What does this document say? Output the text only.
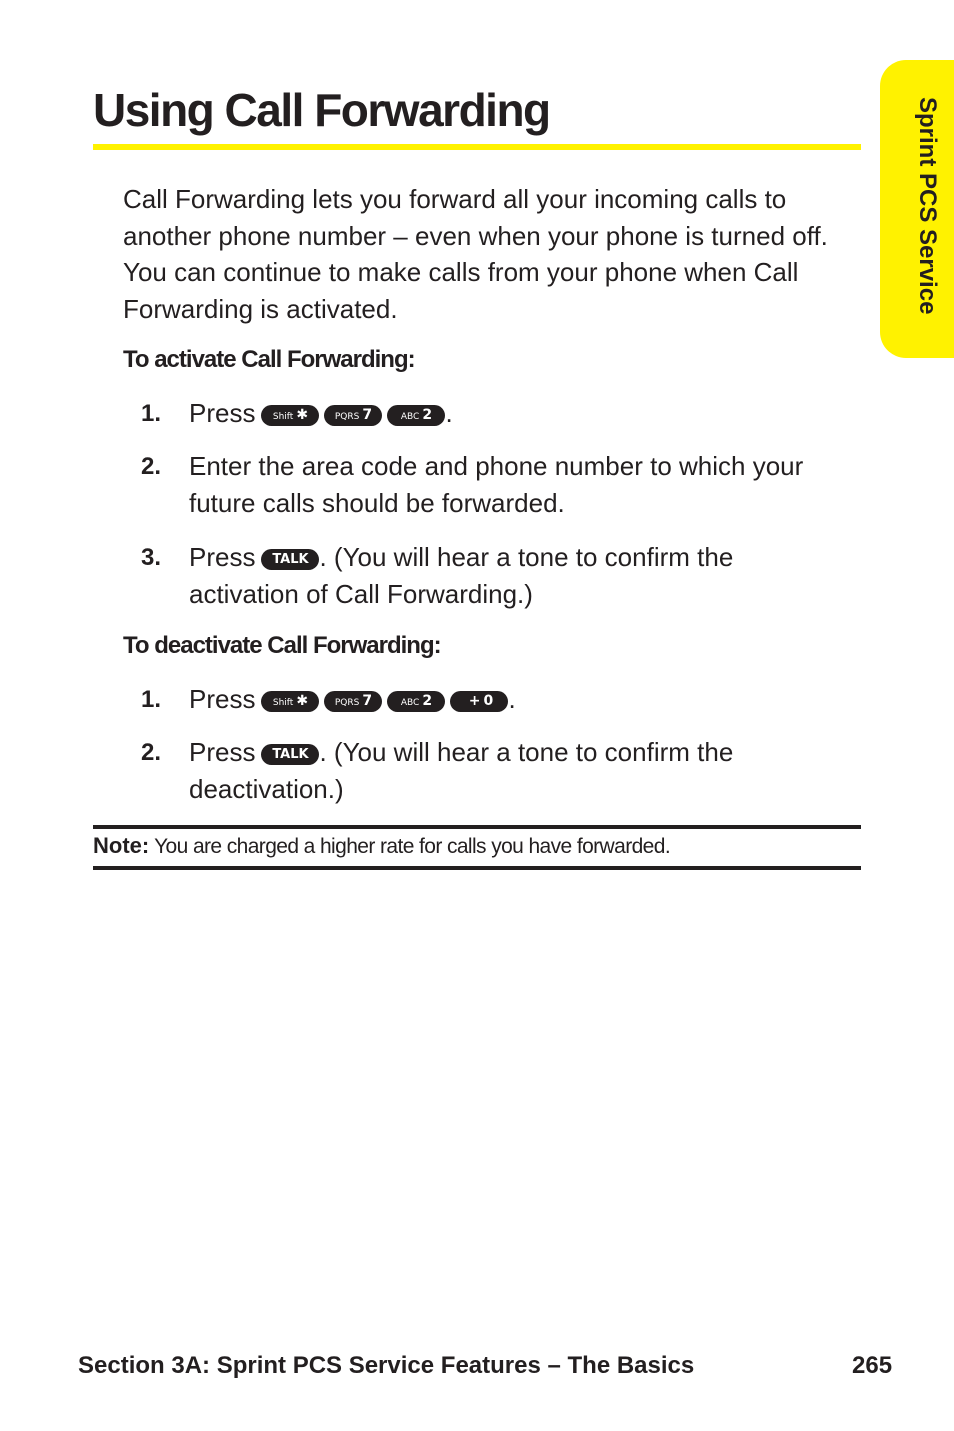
Using Call Forwarding	Sprint PCS Service

Call Forwarding lets you forward all your incoming calls to another phone number – even when your phone is turned off. You can continue to make calls from your phone when Call Forwarding is activated.

To activate Call Forwarding:

1. Press Shift ✱	PQRS 7	ABC 2 .
2. Enter the area code and phone number to which your future calls should be forwarded.
3. Press TALK . (You will hear a tone to confirm the activation of Call Forwarding.)

To deactivate Call Forwarding:

1. Press Shift ✱	PQRS 7	ABC 2	+ 0 .
2. Press TALK . (You will hear a tone to confirm the deactivation.)

Note: You are charged a higher rate for calls you have forwarded.

Section 3A: Sprint PCS Service Features – The Basics	265
